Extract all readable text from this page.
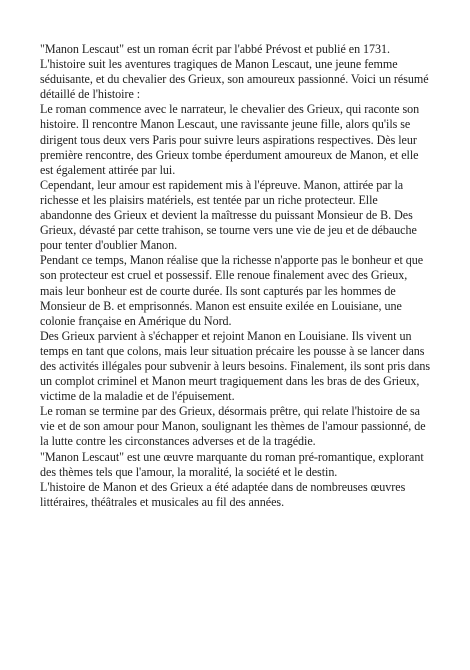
"Manon Lescaut" est un roman écrit par l'abbé Prévost et publié en 1731.

L'histoire suit les aventures tragiques de Manon Lescaut, une jeune femme séduisante, et du chevalier des Grieux, son amoureux passionné. Voici un résumé détaillé de l'histoire :

Le roman commence avec le narrateur, le chevalier des Grieux, qui raconte son histoire. Il rencontre Manon Lescaut, une ravissante jeune fille, alors qu'ils se dirigent tous deux vers Paris pour suivre leurs aspirations respectives. Dès leur première rencontre, des Grieux tombe éperdument amoureux de Manon, et elle est également attirée par lui.

Cependant, leur amour est rapidement mis à l'épreuve. Manon, attirée par la richesse et les plaisirs matériels, est tentée par un riche protecteur. Elle abandonne des Grieux et devient la maîtresse du puissant Monsieur de B. Des Grieux, dévasté par cette trahison, se tourne vers une vie de jeu et de débauche pour tenter d'oublier Manon.

Pendant ce temps, Manon réalise que la richesse n'apporte pas le bonheur et que son protecteur est cruel et possessif. Elle renoue finalement avec des Grieux, mais leur bonheur est de courte durée. Ils sont capturés par les hommes de Monsieur de B. et emprisonnés. Manon est ensuite exilée en Louisiane, une colonie française en Amérique du Nord.

Des Grieux parvient à s'échapper et rejoint Manon en Louisiane. Ils vivent un temps en tant que colons, mais leur situation précaire les pousse à se lancer dans des activités illégales pour subvenir à leurs besoins. Finalement, ils sont pris dans un complot criminel et Manon meurt tragiquement dans les bras de des Grieux, victime de la maladie et de l'épuisement.

Le roman se termine par des Grieux, désormais prêtre, qui relate l'histoire de sa vie et de son amour pour Manon, soulignant les thèmes de l'amour passionné, de la lutte contre les circonstances adverses et de la tragédie.

"Manon Lescaut" est une œuvre marquante du roman pré-romantique, explorant des thèmes tels que l'amour, la moralité, la société et le destin.

L'histoire de Manon et des Grieux a été adaptée dans de nombreuses œuvres littéraires, théâtrales et musicales au fil des années.
